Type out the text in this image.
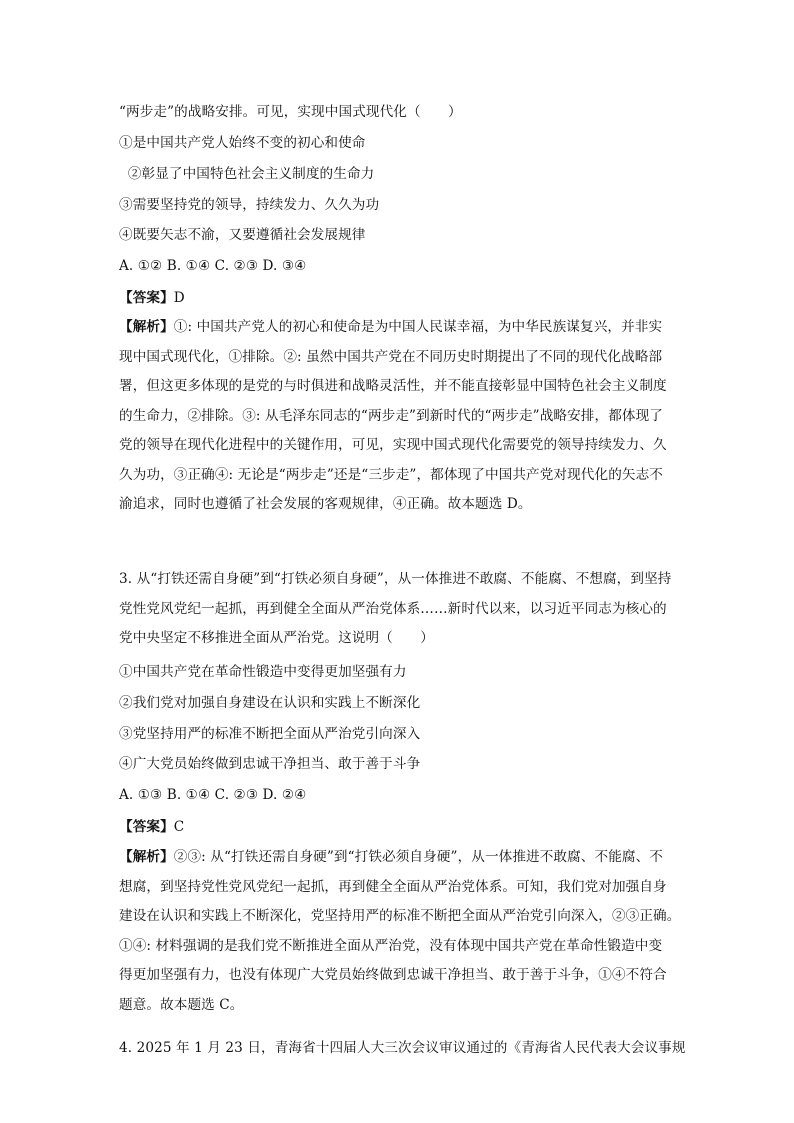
“两步走”的战略安排。可见，实现中国式现代化（　　）

①是中国共产党人始终不变的初心和使命

②彰显了中国特色社会主义制度的生命力

③需要坚持党的领导，持续发力、久久为功

④既要矢志不渝，又要遵循社会发展规律

A. ①② B. ①④ C. ②③ D. ③④

【答案】D

【解析】①: 中国共产党人的初心和使命是为中国人民谋幸福，为中华民族谋复兴，并非实

现中国式现代化，①排除。②: 虽然中国共产党在不同历史时期提出了不同的现代化战略部

署，但这更多体现的是党的与时俱进和战略灵活性，并不能直接彰显中国特色社会主义制度

的生命力，②排除。③: 从毛泽东同志的“两步走”到新时代的“两步走”战略安排，都体现了

党的领导在现代化进程中的关键作用，可见，实现中国式现代化需要党的领导持续发力、久

久为功，③正确④: 无论是“两步走”还是“三步走”，都体现了中国共产党对现代化的矢志不

渝追求，同时也遵循了社会发展的客观规律，④正确。故本题选 D。

3. 从“打铁还需自身硬”到“打铁必须自身硬”，从一体推进不敢腐、不能腐、不想腐，到坚持

党性党风党纪一起抓，再到健全全面从严治党体系……新时代以来，以习近平同志为核心的

党中央坚定不移推进全面从严治党。这说明（　　）

①中国共产党在革命性锻造中变得更加坚强有力

②我们党对加强自身建设在认识和实践上不断深化

③党坚持用严的标准不断把全面从严治党引向深入

④广大党员始终做到忠诚干净担当、敢于善于斗争

A. ①③ B. ①④ C. ②③ D. ②④

【答案】C

【解析】②③: 从“打铁还需自身硬”到“打铁必须自身硬”，从一体推进不敢腐、不能腐、不

想腐，到坚持党性党风党纪一起抓，再到健全全面从严治党体系。可知，我们党对加强自身

建设在认识和实践上不断深化，党坚持用严的标准不断把全面从严治党引向深入，②③正确。

①④: 材料强调的是我们党不断推进全面从严治党，没有体现中国共产党在革命性锻造中变

得更加坚强有力，也没有体现广大党员始终做到忠诚干净担当、敢于善于斗争，①④不符合

题意。故本题选 C。

4. 2025 年 1 月 23 日，青海省十四届人大三次会议审议通过的《青海省人民代表大会议事规
